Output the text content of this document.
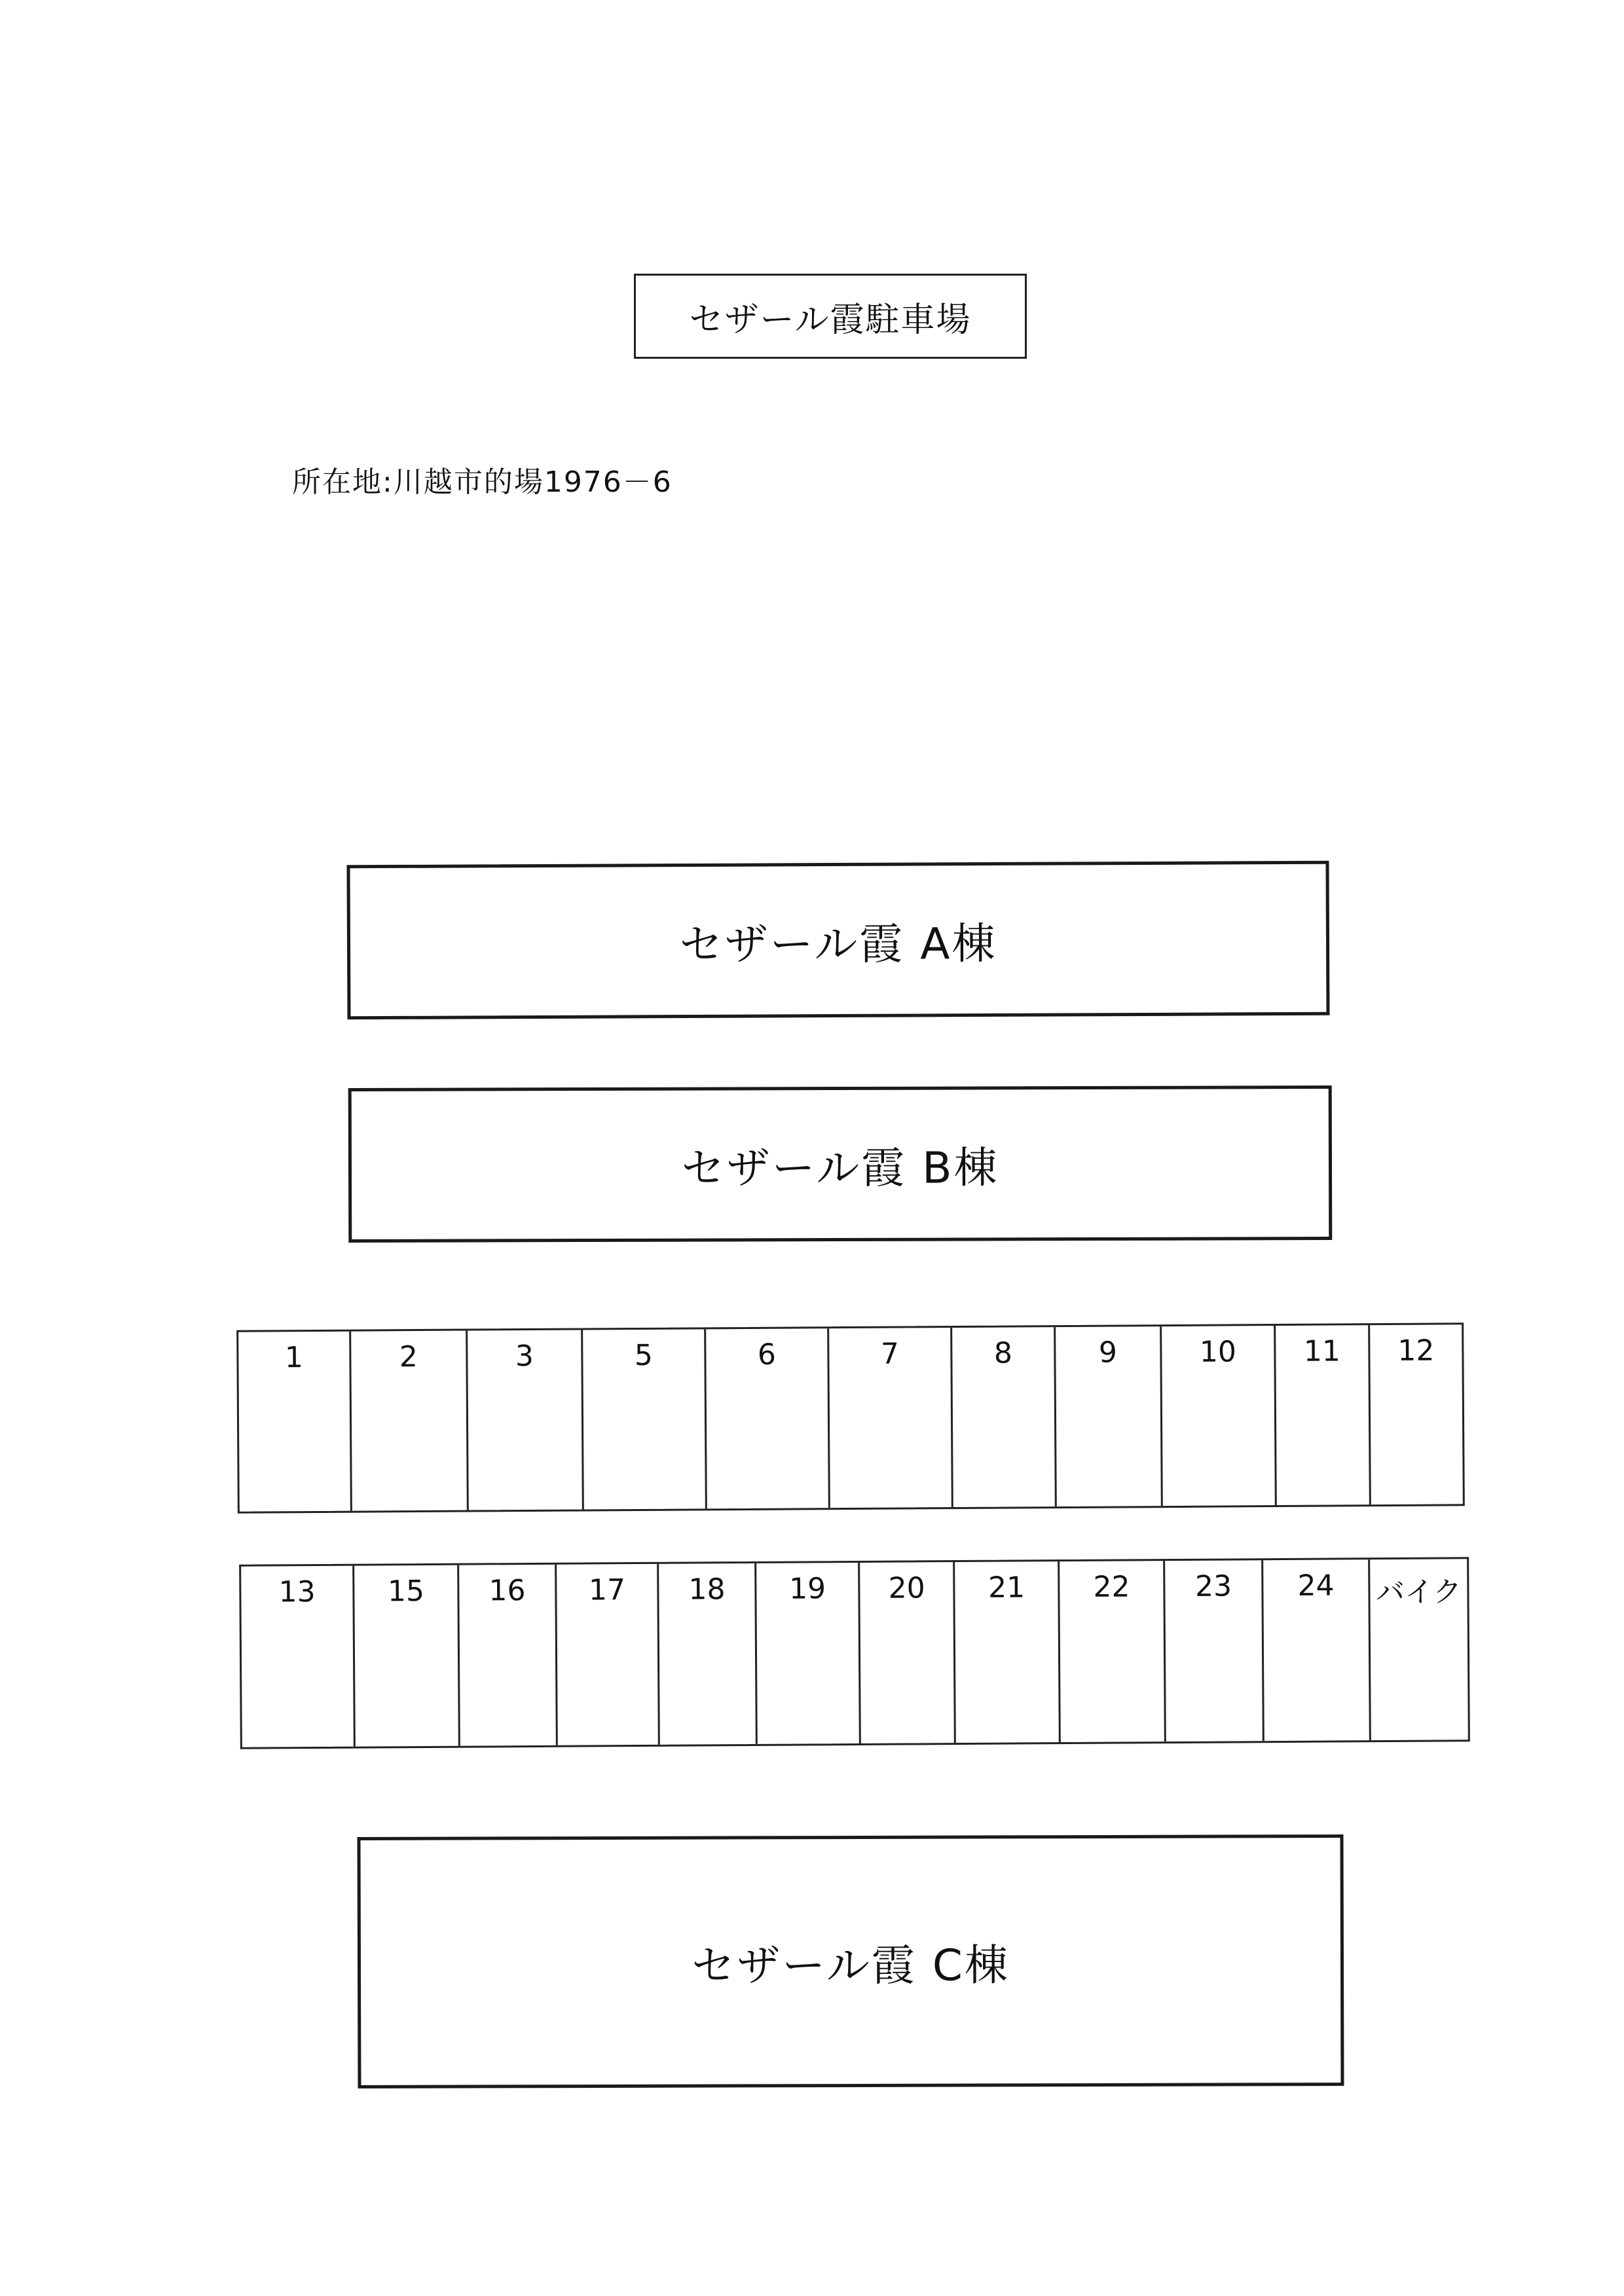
セザール霞駐車場
所在地:川越市的場1976－6
セザール霞 A棟
セザール霞 B棟
1	2	3	5	6	7	8	9	10	11	12
13	15	16	17	18	19	20	21	22	23	24	バイク
セザール霞 C棟
